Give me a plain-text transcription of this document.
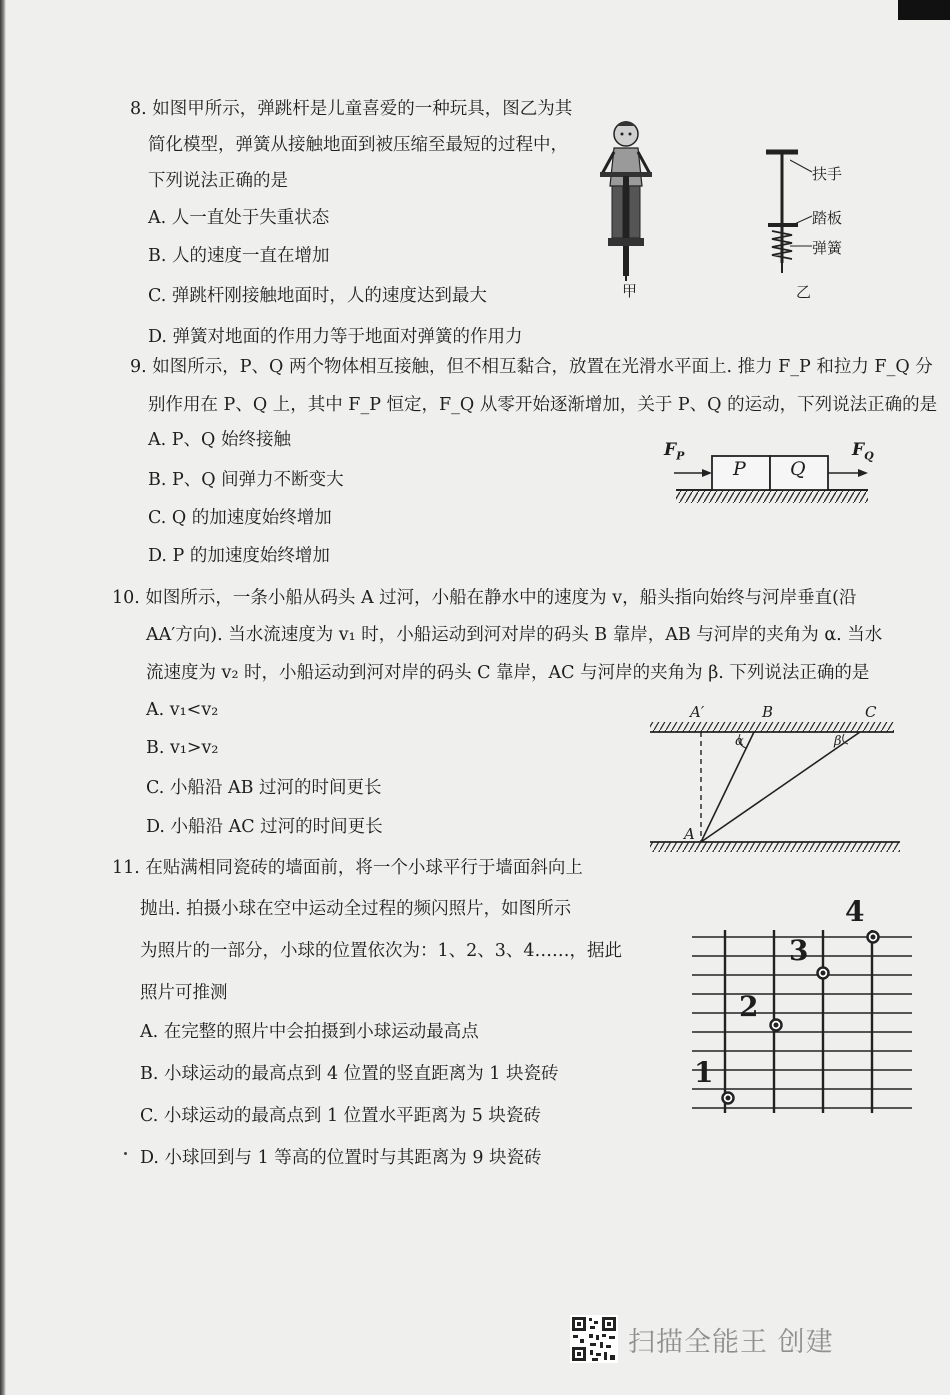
8. 如图甲所示，弹跳杆是儿童喜爱的一种玩具，图乙为其
简化模型，弹簧从接触地面到被压缩至最短的过程中，
下列说法正确的是
A. 人一直处于失重状态
B. 人的速度一直在增加
C. 弹跳杆刚接触地面时，人的速度达到最大
D. 弹簧对地面的作用力等于地面对弹簧的作用力
甲
扶手
踏板
弹簧
乙
9. 如图所示，P、Q 两个物体相互接触，但不相互黏合，放置在光滑水平面上. 推力 F_P 和拉力 F_Q 分
别作用在 P、Q 上，其中 F_P 恒定，F_Q 从零开始逐渐增加，关于 P、Q 的运动，下列说法正确的是
A. P、Q 始终接触
B. P、Q 间弹力不断变大
C. Q 的加速度始终增加
D. P 的加速度始终增加
P Q
$F_P$	$F_Q$
10. 如图所示，一条小船从码头 A 过河，小船在静水中的速度为 v，船头指向始终与河岸垂直(沿
AA′方向). 当水流速度为 v₁ 时，小船运动到河对岸的码头 B 靠岸，AB 与河岸的夹角为 α. 当水
流速度为 v₂ 时，小船运动到河对岸的码头 C 靠岸，AC 与河岸的夹角为 β. 下列说法正确的是
A. v₁<v₂
B. v₁>v₂
C. 小船沿 AB 过河的时间更长
D. 小船沿 AC 过河的时间更长
A′	B	C
α	β
A
11. 在贴满相同瓷砖的墙面前，将一个小球平行于墙面斜向上
抛出. 拍摄小球在空中运动全过程的频闪照片，如图所示
为照片的一部分，小球的位置依次为：1、2、3、4……，据此
照片可推测
A. 在完整的照片中会拍摄到小球运动最高点
B. 小球运动的最高点到 4 位置的竖直距离为 1 块瓷砖
C. 小球运动的最高点到 1 位置水平距离为 5 块瓷砖
D. 小球回到与 1 等高的位置时与其距离为 9 块瓷砖
1
2
3
4
扫描全能王 创建
